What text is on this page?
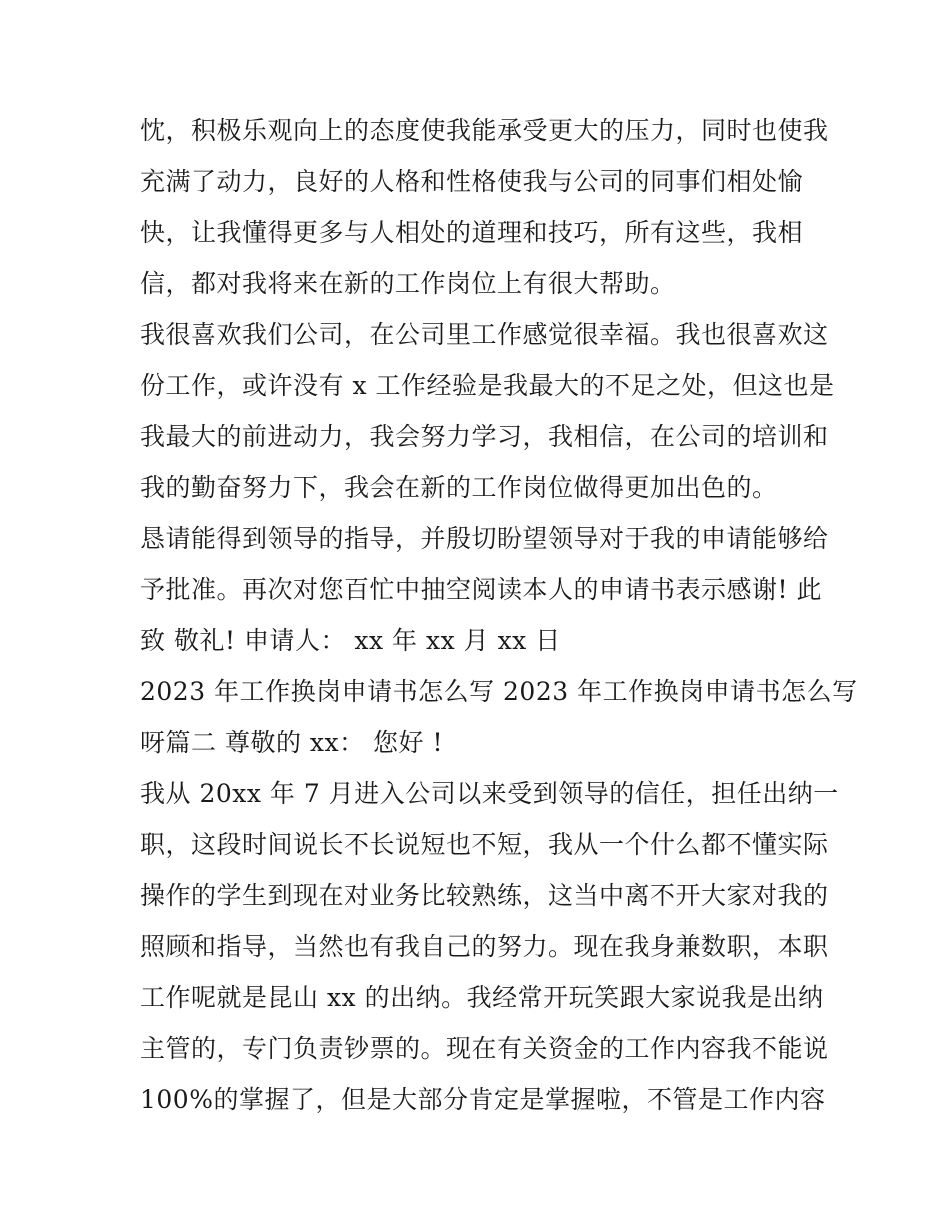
忱，积极乐观向上的态度使我能承受更大的压力，同时也使我
充满了动力，良好的人格和性格使我与公司的同事们相处愉
快，让我懂得更多与人相处的道理和技巧，所有这些，我相
信，都对我将来在新的工作岗位上有很大帮助。
我很喜欢我们公司，在公司里工作感觉很幸福。我也很喜欢这
份工作，或许没有 x 工作经验是我最大的不足之处，但这也是
我最大的前进动力，我会努力学习，我相信，在公司的培训和
我的勤奋努力下，我会在新的工作岗位做得更加出色的。
恳请能得到领导的指导，并殷切盼望领导对于我的申请能够给
予批准。再次对您百忙中抽空阅读本人的申请书表示感谢! 此
致 敬礼! 申请人： xx 年 xx 月 xx 日
2023 年工作换岗申请书怎么写 2023 年工作换岗申请书怎么写
呀篇二 尊敬的 xx： 您好 !
我从 20xx 年 7 月进入公司以来受到领导的信任，担任出纳一
职，这段时间说长不长说短也不短，我从一个什么都不懂实际
操作的学生到现在对业务比较熟练，这当中离不开大家对我的
照顾和指导，当然也有我自己的努力。现在我身兼数职，本职
工作呢就是昆山 xx 的出纳。我经常开玩笑跟大家说我是出纳
主管的，专门负责钞票的。现在有关资金的工作内容我不能说
100%的掌握了，但是大部分肯定是掌握啦，不管是工作内容
